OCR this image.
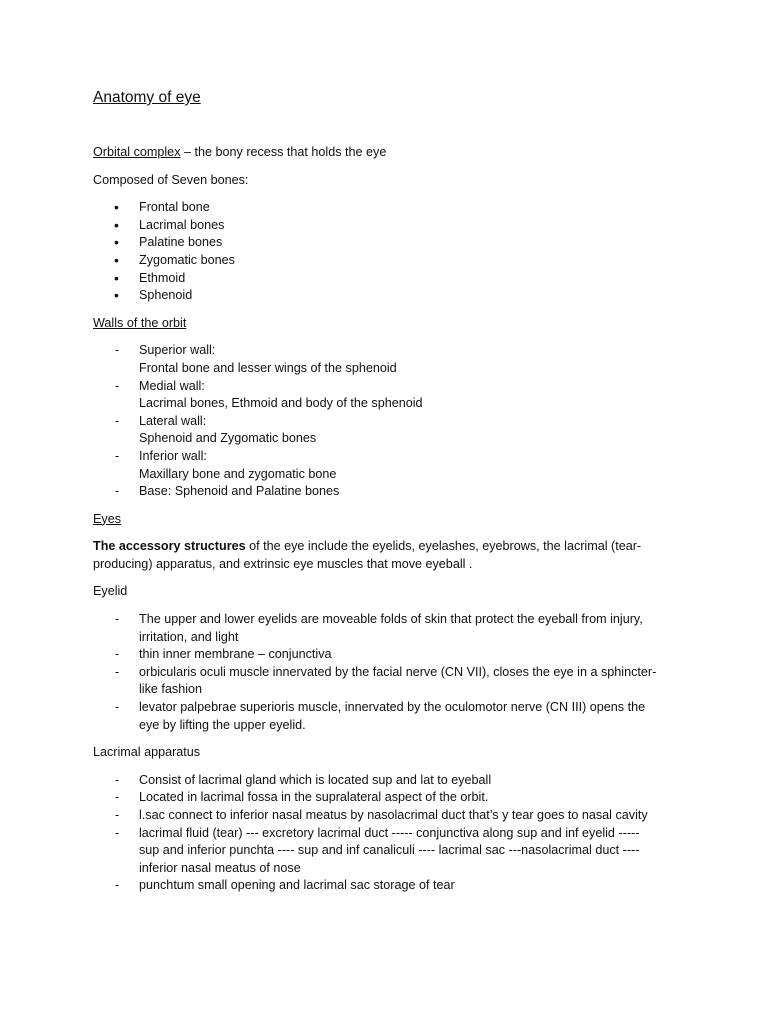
Anatomy of eye

Orbital complex – the bony recess that holds the eye

Composed of Seven bones:

• Frontal bone
• Lacrimal bones
• Palatine bones
• Zygomatic bones
• Ethmoid
• Sphenoid

Walls of the orbit

- Superior wall:
Frontal bone and lesser wings of the sphenoid
- Medial wall:
Lacrimal bones, Ethmoid and body of the sphenoid
- Lateral wall:
Sphenoid and Zygomatic bones
- Inferior wall:
Maxillary bone and zygomatic bone
- Base: Sphenoid and Palatine bones

Eyes

The accessory structures of the eye include the eyelids, eyelashes, eyebrows, the lacrimal (tear-
producing) apparatus, and extrinsic eye muscles that move eyeball .

Eyelid

- The upper and lower eyelids are moveable folds of skin that protect the eyeball from injury,
irritation, and light
- thin inner membrane – conjunctiva
- orbicularis oculi muscle innervated by the facial nerve (CN VII), closes the eye in a sphincter-
like fashion
- levator palpebrae superioris muscle, innervated by the oculomotor nerve (CN III) opens the
eye by lifting the upper eyelid.

Lacrimal apparatus

- Consist of lacrimal gland which is located sup and lat to eyeball
- Located in lacrimal fossa in the supralateral aspect of the orbit.
- l.sac connect to inferior nasal meatus by nasolacrimal duct that’s y tear goes to nasal cavity
- lacrimal fluid (tear) --- excretory lacrimal duct ----- conjunctiva along sup and inf eyelid -----
sup and inferior punchta ---- sup and inf canaliculi ---- lacrimal sac ---nasolacrimal duct ----
inferior nasal meatus of nose
- punchtum small opening and lacrimal sac storage of tear
